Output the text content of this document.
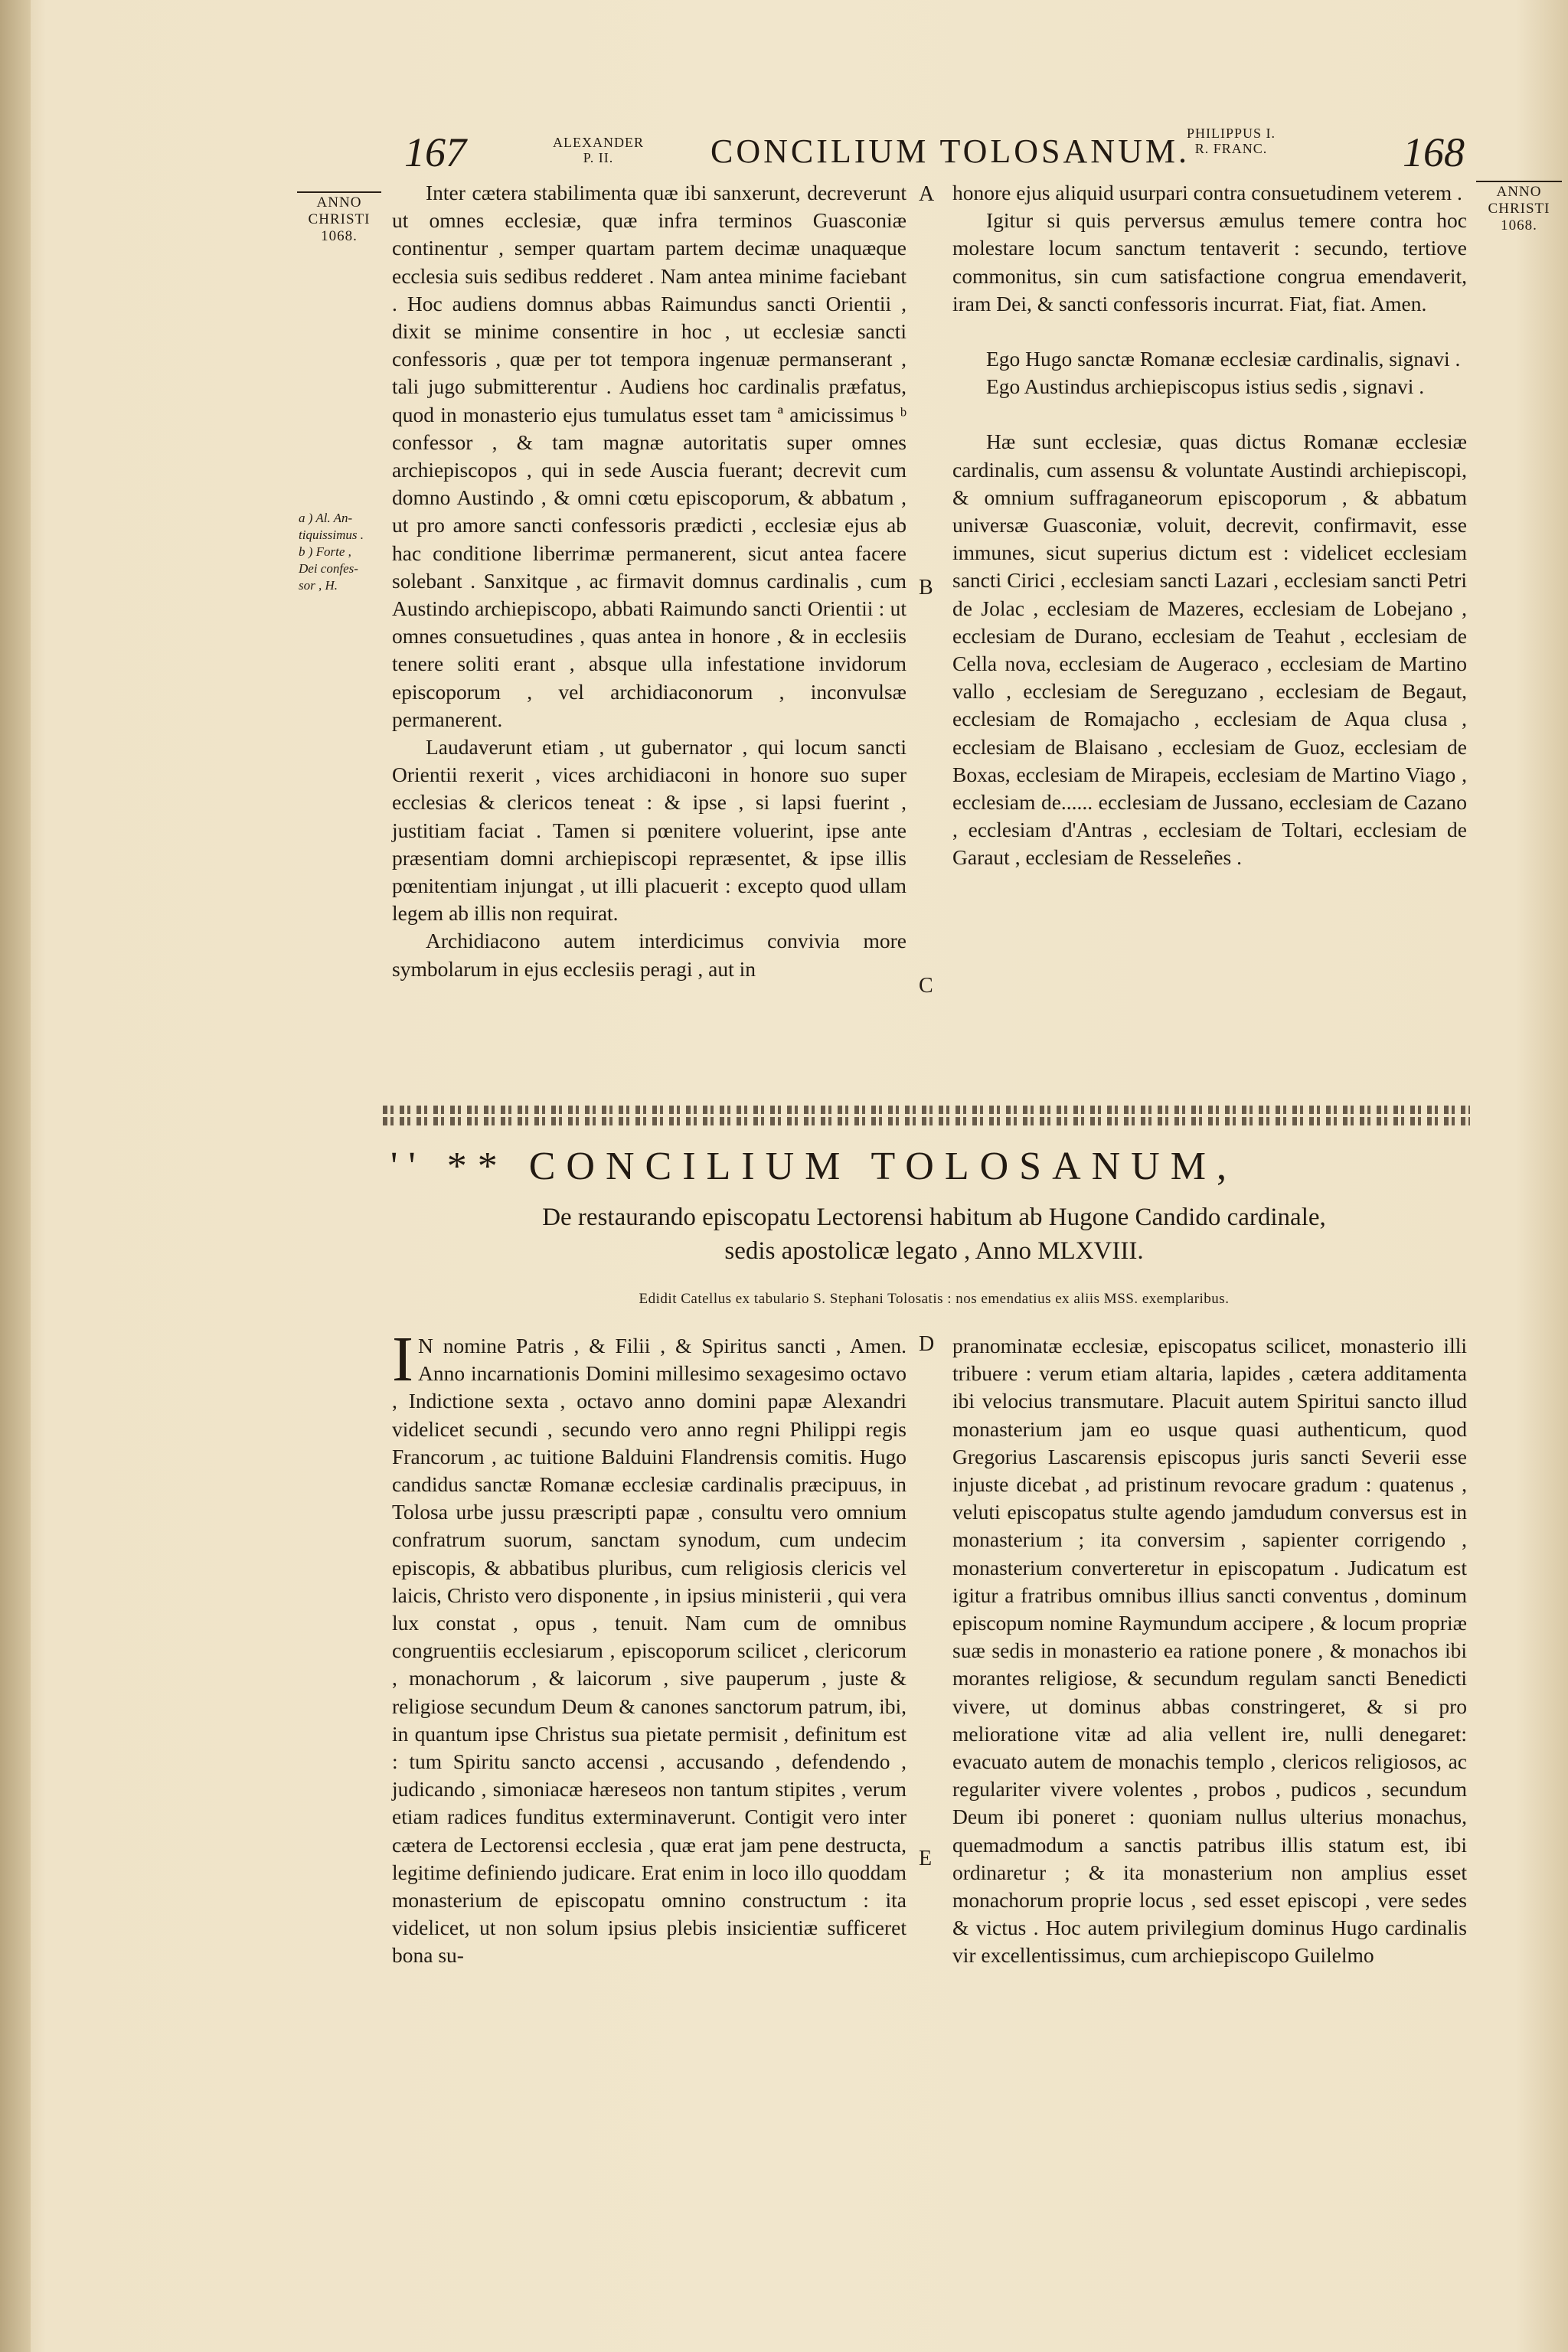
167	ALEXANDER
P. II.	CONCILIUM TOLOSANUM.
PHILIPPUS I.
R. FRANC.	168
ANNO
CHRISTI
1068.
a ) Al. An-
tiquissimus .
b ) Forte ,
Dei confes-
sor , H.
ANNO
CHRISTI
1068.
A
B
C
D
E

Inter cætera stabilimenta quæ ibi sanxerunt, decreverunt ut omnes ecclesiæ, quæ infra terminos Guasconiæ continentur , semper quartam partem decimæ unaquæque ecclesia suis sedibus redderet . Nam antea minime faciebant . Hoc audiens domnus abbas Raimundus sancti Orientii , dixit se minime consentire in hoc , ut ecclesiæ sancti confessoris , quæ per tot tempora ingenuæ permanserant , tali jugo submitterentur . Audiens hoc cardinalis præfatus, quod in monasterio ejus tumulatus esset tam ª amicissimus ᵇ confessor , & tam magnæ autoritatis super omnes archiepiscopos , qui in sede Auscia fuerant; decrevit cum domno Austindo , & omni cœtu episcoporum, & abbatum , ut pro amore sancti confessoris prædicti , ecclesiæ ejus ab hac conditione liberrimæ permanerent, sicut antea facere solebant . Sanxitque , ac firmavit domnus cardinalis , cum Austindo archiepiscopo, abbati Raimundo sancti Orientii : ut omnes consuetudines , quas antea in honore , & in ecclesiis tenere soliti erant , absque ulla infestatione invidorum episcoporum , vel archidiaconorum , inconvulsæ permanerent.

Laudaverunt etiam , ut gubernator , qui locum sancti Orientii rexerit , vices archidiaconi in honore suo super ecclesias & clericos teneat : & ipse , si lapsi fuerint , justitiam faciat . Tamen si pœnitere voluerint, ipse ante præsentiam domni archiepiscopi repræsentet, & ipse illis pœnitentiam injungat , ut illi placuerit : excepto quod ullam legem ab illis non requirat.

Archidiacono autem interdicimus convivia more symbolarum in ejus ecclesiis peragi , aut in

honore ejus aliquid usurpari contra consuetudinem veterem .

Igitur si quis perversus æmulus temere contra hoc molestare locum sanctum tentaverit : secundo, tertiove commonitus, sin cum satisfactione congrua emendaverit, iram Dei, & sancti confessoris incurrat. Fiat, fiat. Amen.

Ego Hugo sanctæ Romanæ ecclesiæ cardinalis, signavi .

Ego Austindus archiepiscopus istius sedis , signavi .

Hæ sunt ecclesiæ, quas dictus Romanæ ecclesiæ cardinalis, cum assensu & voluntate Austindi archiepiscopi, & omnium suffraganeorum episcoporum , & abbatum universæ Guasconiæ, voluit, decrevit, confirmavit, esse immunes, sicut superius dictum est : videlicet ecclesiam sancti Cirici , ecclesiam sancti Lazari , ecclesiam sancti Petri de Jolac , ecclesiam de Mazeres, ecclesiam de Lobejano , ecclesiam de Durano, ecclesiam de Teahut , ecclesiam de Cella nova, ecclesiam de Augeraco , ecclesiam de Martino vallo , ecclesiam de Sereguzano , ecclesiam de Begaut, ecclesiam de Romajacho , ecclesiam de Aqua clusa , ecclesiam de Blaisano , ecclesiam de Guoz, ecclesiam de Boxas, ecclesiam de Mirapeis, ecclesiam de Martino Viago , ecclesiam de...... ecclesiam de Jussano, ecclesiam de Cazano , ecclesiam d'Antras , ecclesiam de Toltari, ecclesiam de Garaut , ecclesiam de Resseleñes .

'' ** CONCILIUM TOLOSANUM,
De restaurando episcopatu Lectorensi habitum ab Hugone Candido cardinale,
sedis apostolicæ legato , Anno MLXVIII.
Edidit Catellus ex tabulario S. Stephani Tolosatis : nos emendatius ex aliis MSS. exemplaribus.

I N nomine Patris , & Filii , & Spiritus sancti , Amen. Anno incarnationis Domini millesimo sexagesimo octavo , Indictione sexta , octavo anno domini papæ Alexandri videlicet secundi , secundo vero anno regni Philippi regis Francorum , ac tuitione Balduini Flandrensis comitis. Hugo candidus sanctæ Romanæ ecclesiæ cardinalis præcipuus, in Tolosa urbe jussu præscripti papæ , consultu vero omnium confratrum suorum, sanctam synodum, cum undecim episcopis, & abbatibus pluribus, cum religiosis clericis vel laicis, Christo vero disponente , in ipsius ministerii , qui vera lux constat , opus , tenuit. Nam cum de omnibus congruentiis ecclesiarum , episcoporum scilicet , clericorum , monachorum , & laicorum , sive pauperum , juste & religiose secundum Deum & canones sanctorum patrum, ibi, in quantum ipse Christus sua pietate permisit , definitum est : tum Spiritu sancto accensi , accusando , defendendo , judicando , simoniacæ hæreseos non tantum stipites , verum etiam radices funditus exterminaverunt. Contigit vero inter cætera de Lectorensi ecclesia , quæ erat jam pene destructa, legitime definiendo judicare. Erat enim in loco illo quoddam monasterium de episcopatu omnino constructum : ita videlicet, ut non solum ipsius plebis insicientiæ sufficeret bona su-

pranominatæ ecclesiæ, episcopatus scilicet, monasterio illi tribuere : verum etiam altaria, lapides , cætera additamenta ibi velocius transmutare. Placuit autem Spiritui sancto illud monasterium jam eo usque quasi authenticum, quod Gregorius Lascarensis episcopus juris sancti Severii esse injuste dicebat , ad pristinum revocare gradum : quatenus , veluti episcopatus stulte agendo jamdudum conversus est in monasterium ; ita conversim , sapienter corrigendo , monasterium converteretur in episcopatum . Judicatum est igitur a fratribus omnibus illius sancti conventus , dominum episcopum nomine Raymundum accipere , & locum propriæ suæ sedis in monasterio ea ratione ponere , & monachos ibi morantes religiose, & secundum regulam sancti Benedicti vivere, ut dominus abbas constringeret, & si pro melioratione vitæ ad alia vellent ire, nulli denegaret: evacuato autem de monachis templo , clericos religiosos, ac regulariter vivere volentes , probos , pudicos , secundum Deum ibi poneret : quoniam nullus ulterius monachus, quemadmodum a sanctis patribus illis statum est, ibi ordinaretur ; & ita monasterium non amplius esset monachorum proprie locus , sed esset episcopi , vere sedes & victus . Hoc autem privilegium dominus Hugo cardinalis vir excellentissimus, cum archiepiscopo Guilelmo
